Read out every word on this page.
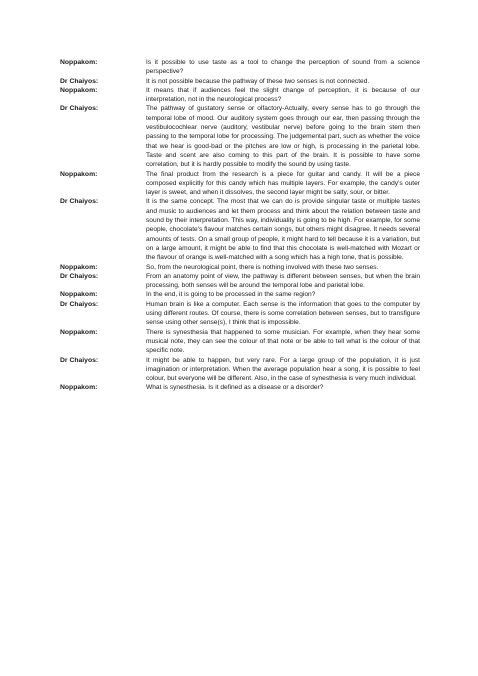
Noppakom:	Is it possible to use taste as a tool to change the perception of sound from a science perspective?
Dr Chaiyos:	It is not possible because the pathway of these two senses is not connected.
Noppakom:	It means that if audiences feel the slight change of perception, it is because of our interpretation, not in the neurological process?
Dr Chaiyos:	The pathway of gustatory sense or olfactory-Actually, every sense has to go through the temporal lobe of mood. Our auditory system goes through our ear, then passing through the vestibulocochlear nerve (auditory, vestibular nerve) before going to the brain stem then passing to the temporal lobe for processing. The judgemental part, such as whether the voice that we hear is good-bad or the pitches are low or high, is processing in the parietal lobe. Taste and scent are also coming to this part of the brain. It is possible to have some correlation, but it is hardly possible to modify the sound by using taste.
Noppakom:	The final product from the research is a piece for guitar and candy. It will be a piece composed explicitly for this candy which has multiple layers. For example, the candy's outer layer is sweet, and when it dissolves, the second layer might be salty, sour, or bitter.
Dr Chaiyos:	It is the same concept. The most that we can do is provide singular taste or multiple tastes and music to audiences and let them process and think about the relation between taste and sound by their interpretation. This way, individuality is going to be high. For example, for some people, chocolate's flavour matches certain songs, but others might disagree. It needs several amounts of tests. On a small group of people, it might hard to tell because it is a variation, but on a large amount, it might be able to find that this chocolate is well-matched with Mozart or the flavour of orange is well-matched with a song which has a high tone, that is possible.
Noppakom:	So, from the neurological point, there is nothing involved with these two senses.
Dr Chaiyos:	From an anatomy point of view, the pathway is different between senses, but when the brain processing, both senses will be around the temporal lobe and parietal lobe.
Noppakom:	In the end, it is going to be processed in the same region?
Dr Chaiyos:	Human brain is like a computer. Each sense is the information that goes to the computer by using different routes. Of course, there is some correlation between senses, but to transfigure sense using other sense(s), I think that is impossible.
Noppakom:	There is synesthesia that happened to some musician. For example, when they hear some musical note, they can see the colour of that note or be able to tell what is the colour of that specific note.
Dr Chaiyos:	It might be able to happen, but very rare. For a large group of the population, it is just imagination or interpretation. When the average population hear a song, it is possible to feel colour, but everyone will be different. Also, in the case of synesthesia is very much individual.
Noppakom:	What is synesthesia. Is it defined as a disease or a disorder?
